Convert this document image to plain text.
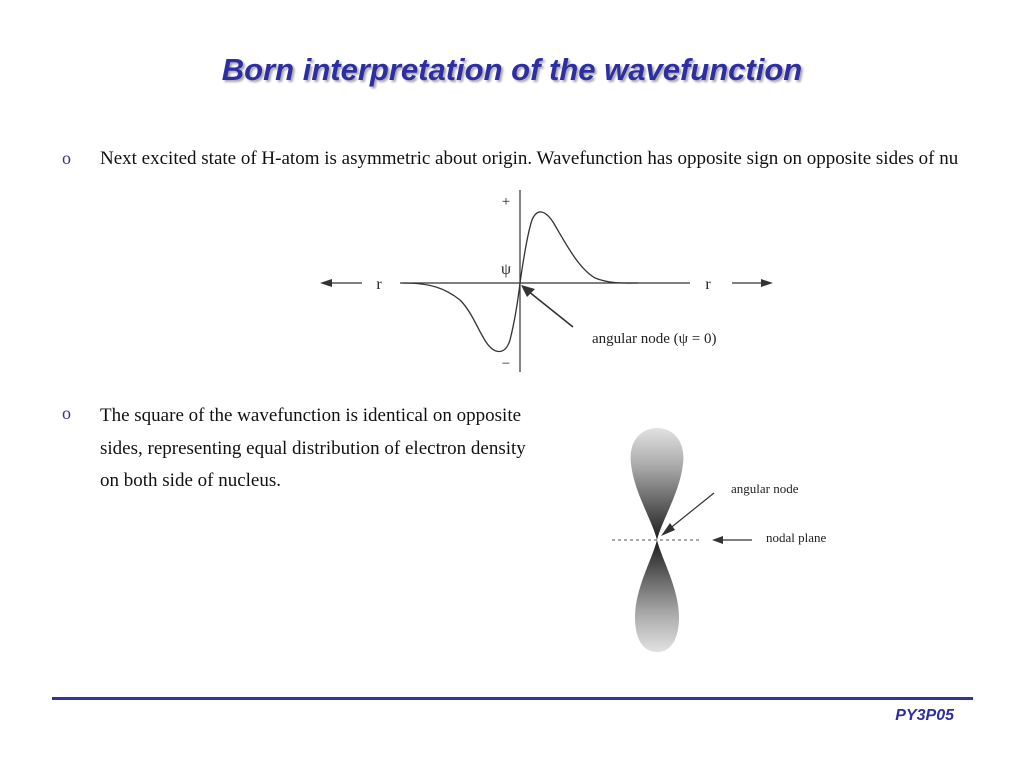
Born interpretation of the wavefunction
o Next excited state of H-atom is asymmetric about origin. Wavefunction has opposite sign on opposite sides of nu
+
−
ψ
r	r
angular node (ψ = 0)
o The square of the wavefunction is identical on opposite sides, representing equal distribution of electron density on both side of nucleus.	angular node
nodal plane
PY3P05
